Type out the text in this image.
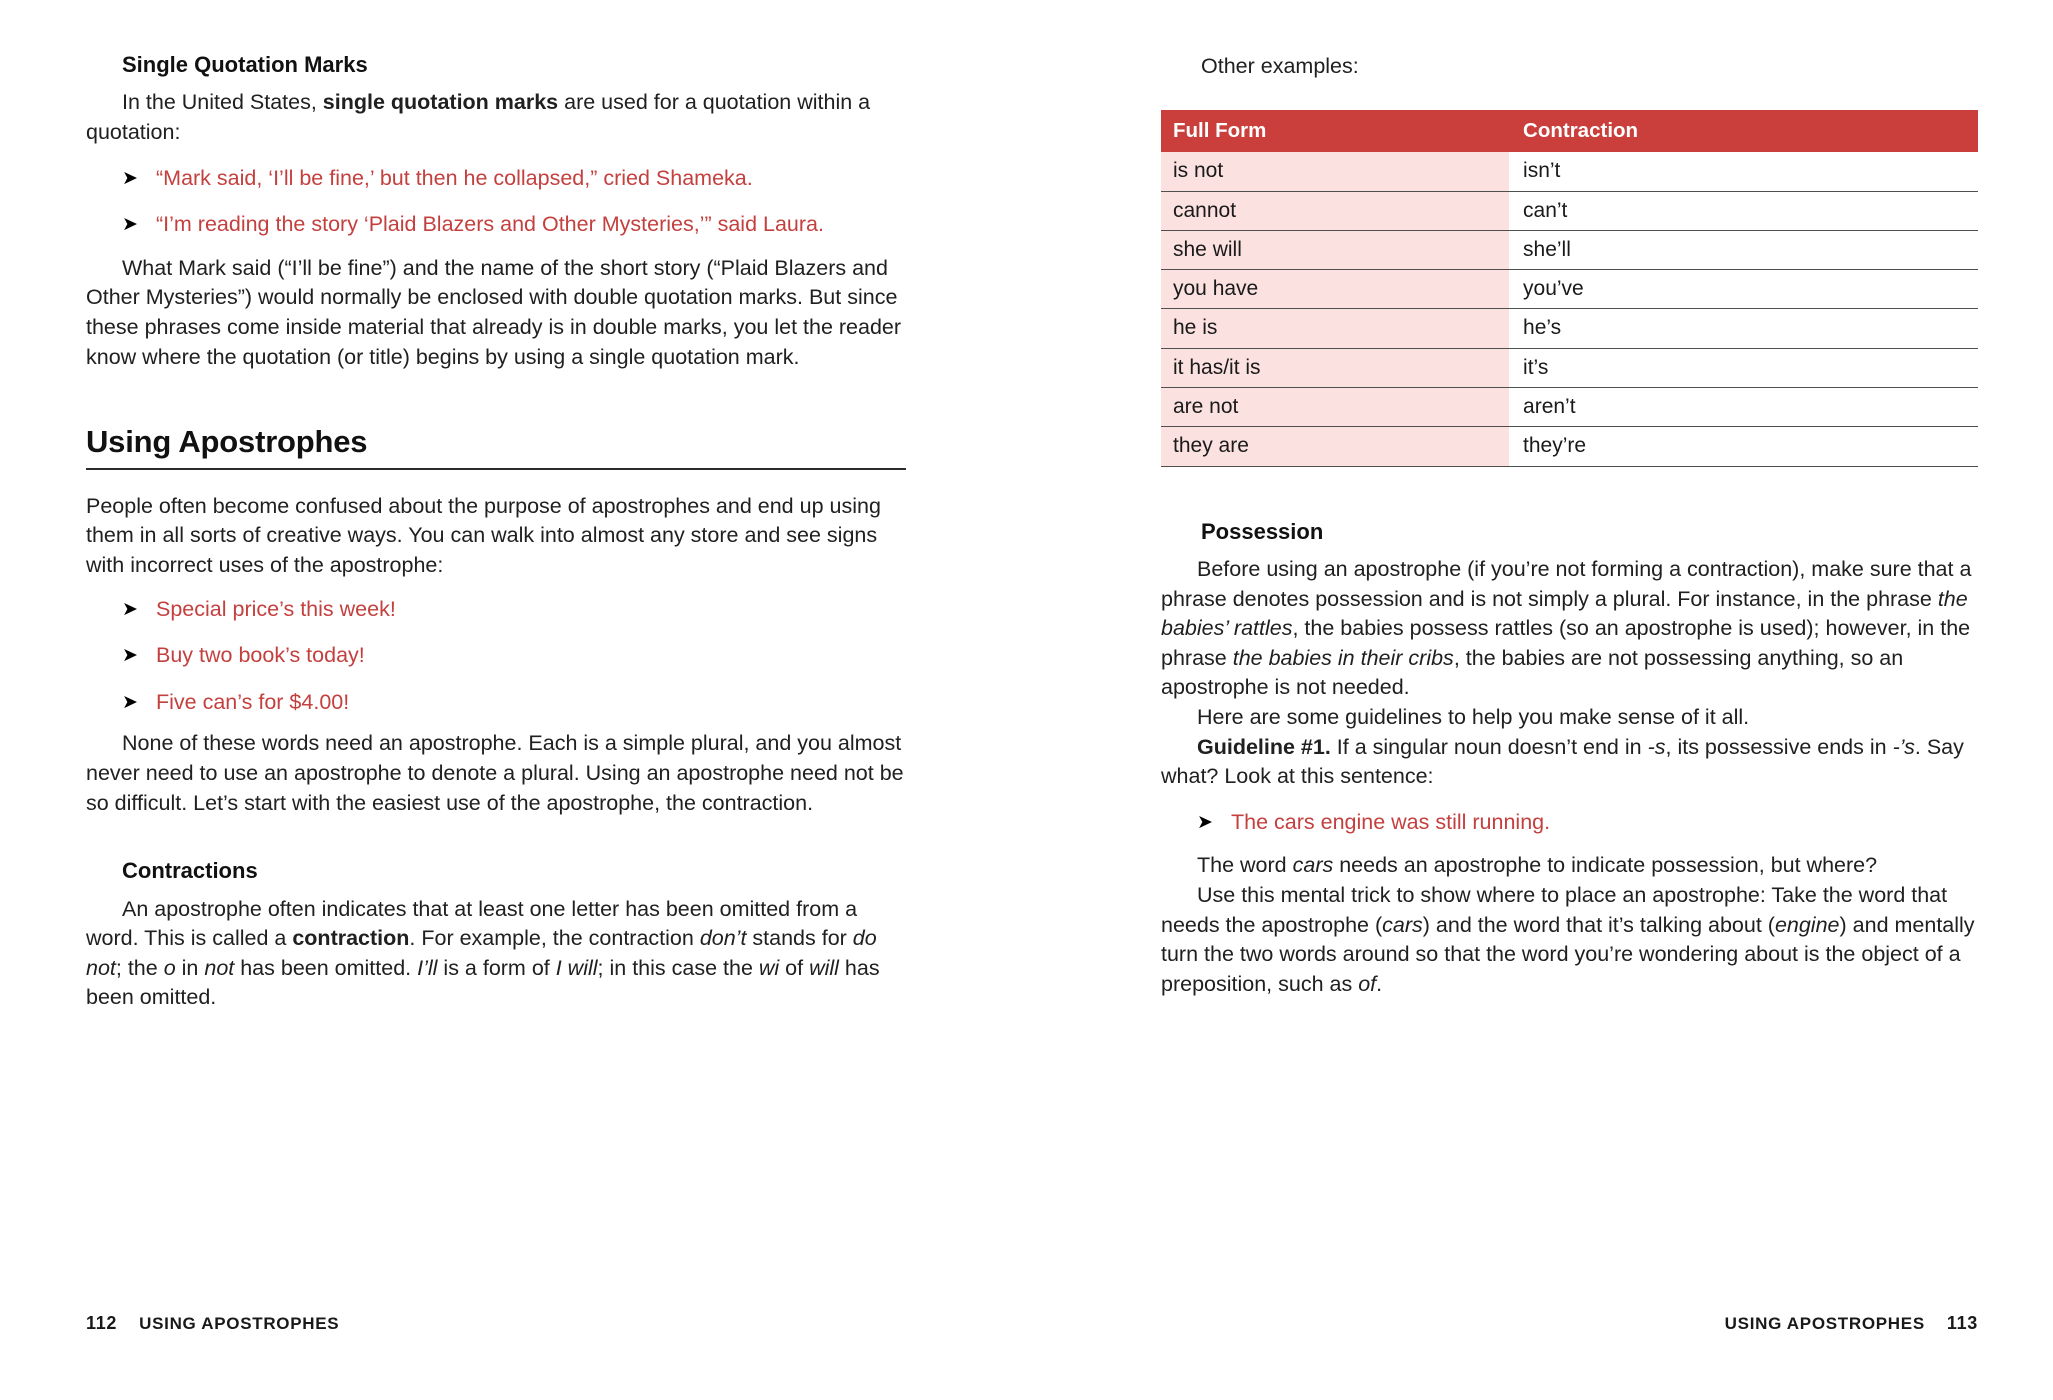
Single Quotation Marks

In the United States, single quotation marks are used for a quotation within a quotation:

➤ “Mark said, ‘I’ll be fine,’ but then he collapsed,” cried Shameka.
➤ “I’m reading the story ‘Plaid Blazers and Other Mysteries,’” said Laura.

What Mark said (“I’ll be fine”) and the name of the short story (“Plaid Blazers and Other Mysteries”) would normally be enclosed with double quotation marks. But since these phrases come inside material that already is in double marks, you let the reader know where the quotation (or title) begins by using a single quotation mark.

Using Apostrophes

People often become confused about the purpose of apostrophes and end up using them in all sorts of creative ways. You can walk into almost any store and see signs with incorrect uses of the apostrophe:

➤ Special price’s this week!
➤ Buy two book’s today!
➤ Five can’s for $4.00!

None of these words need an apostrophe. Each is a simple plural, and you almost never need to use an apostrophe to denote a plural. Using an apostrophe need not be so difficult. Let’s start with the easiest use of the apostrophe, the contraction.

Contractions

An apostrophe often indicates that at least one letter has been omitted from a word. This is called a contraction. For example, the contraction don’t stands for do not; the o in not has been omitted. I’ll is a form of I will; in this case the wi of will has been omitted.

112 USING APOSTROPHES

Other examples:

Full Form	Contraction
is not	isn’t
cannot	can’t
she will	she’ll
you have	you’ve
he is	he’s
it has/it is	it’s
are not	aren’t
they are	they’re
Possession

Before using an apostrophe (if you’re not forming a contraction), make sure that a phrase denotes possession and is not simply a plural. For instance, in the phrase the babies’ rattles, the babies possess rattles (so an apostrophe is used); however, in the phrase the babies in their cribs, the babies are not possessing anything, so an apostrophe is not needed.

Here are some guidelines to help you make sense of it all.

Guideline #1. If a singular noun doesn’t end in -s, its possessive ends in -’s. Say what? Look at this sentence:

➤ The cars engine was still running.

The word cars needs an apostrophe to indicate possession, but where?

Use this mental trick to show where to place an apostrophe: Take the word that needs the apostrophe (cars) and the word that it’s talking about (engine) and mentally turn the two words around so that the word you’re wondering about is the object of a preposition, such as of.

USING APOSTROPHES 113
